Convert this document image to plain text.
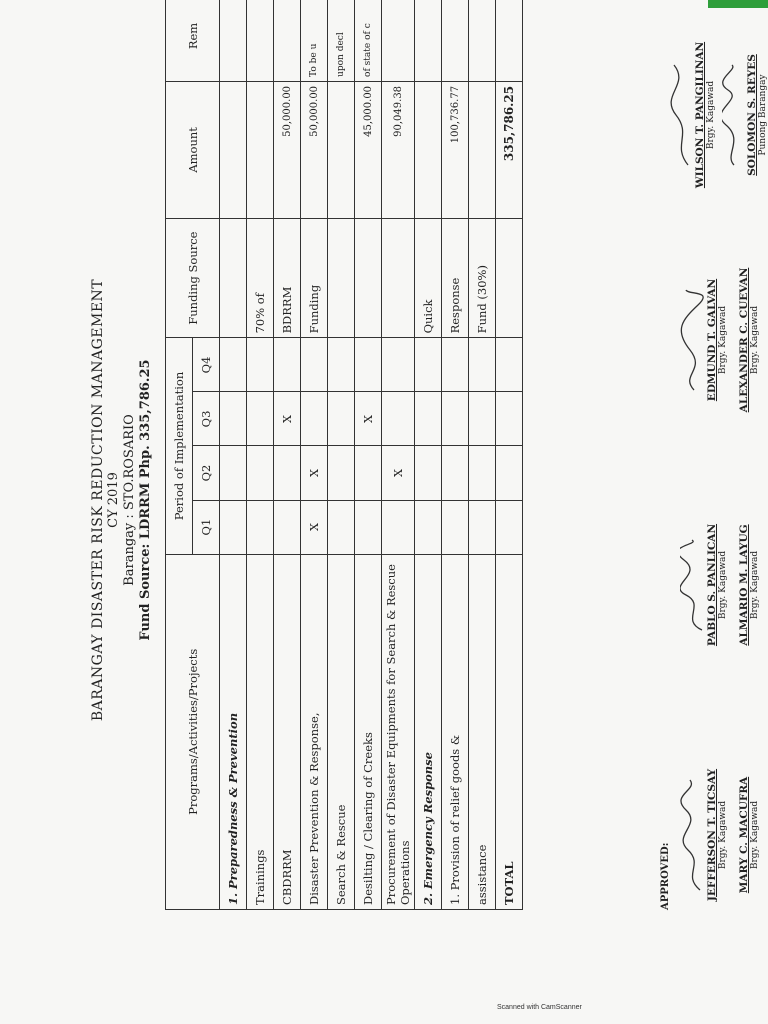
BARANGAY DISASTER RISK REDUCTION MANAGEMENT CY 2019 Barangay : STO.ROSARIO Fund Source: LDRRM Php. 335,786.25
Programs/Activities/Projects	Period of Implementation				Funding Source	Amount	Rem
	Q1	Q2	Q3	Q4			
1. Preparedness & Prevention							
Trainings					70% of		
CBDRRM			X		BDRRM	50,000.00	
Disaster Prevention & Response,	X	X			Funding	50,000.00	To be u
Search & Rescue							upon decl
Desilting / Clearing of Creeks			X			45,000.00	of state of c
Procurement of Disaster Equipments for Search & Rescue Operations		X				90,049.38	
2. Emergency Response					Quick		
1. Provision of relief goods &					Response	100,736.77	
assistance					Fund (30%)		
TOTAL						335,786.25	
APPROVED:	JEFFERSON T. TICSAY Brgy. Kagawad MARY C. MACUFRA Brgy. Kagawad
PABLO S. PANLICAN Brgy. Kagawad ALMARIO M. LAYUG Brgy. Kagawad
EDMUND T. GALVAN Brgy. Kagawad ALEXANDER C. CUEVAN Brgy. Kagawad
WILSON T. PANGILINAN Brgy. Kagawad	SOLOMON S. REYES Punong Barangay
Scanned with CamScanner
